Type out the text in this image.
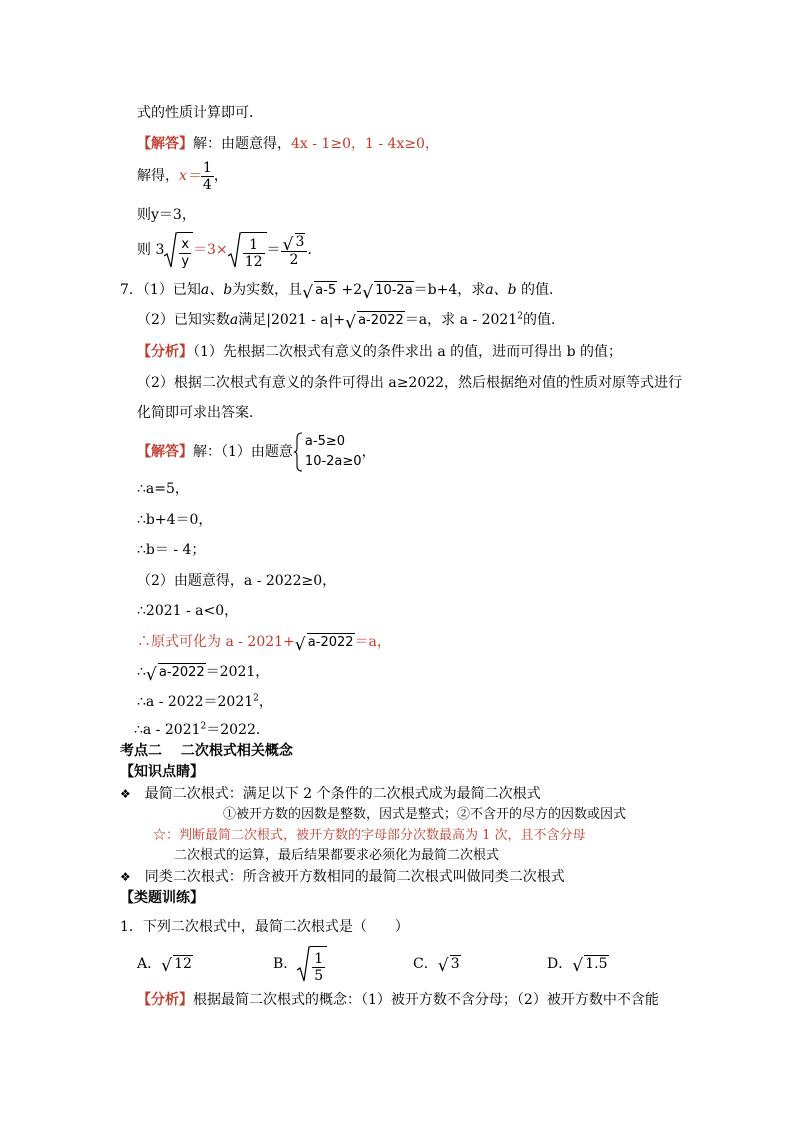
式的性质计算即可．
【解答】解：由题意得，4x - 1≥0，1 - 4x≥0，
解得，$x= \frac{1}{4}$ ，
则y＝3，
则 $3 \frac{x}{y} =3\times \frac{1}{12}$ ＝ √ $\frac{3}{2}$ ．
7．（1）已知a、b为实数，且 √ a-5 +2 √ 10-2a＝b+4，求a、b 的值．
（2）已知实数a满足|2021 - a|+ √ a-2022＝a，求 a - 2021$^2$的值．
【分析】（1）先根据二次根式有意义的条件求出 a 的值，进而可得出 b 的值；
（2）根据二次根式有意义的条件可得出 a≥2022，然后根据绝对值的性质对原等式进行
化简即可求出答案．
【解答】解：（1）由题意
a-5≥0
10-2a≥0
，
∴a=5，
∴b+4＝0，
∴b＝ - 4；
（2）由题意得，a - 2022≥0，
∴2021 - a<0，
∴原式可化为 a - 2021+ √ a-2022＝a，
∴ √ a-2022＝2021，
∴a - $2022=2021^2$，
∴a - $2021^2=2022$．
考点二　 二次根式相关概念
【知识点睛】
❖ 最简二次根式：满足以下 2 个条件的二次根式成为最简二次根式
①被开方数的因数是整数，因式是整式；②不含开的尽方的因数或因式
☆：判断最简二次根式，被开方数的字母部分次数最高为 1 次，且不含分母
二次根式的运算，最后结果都要求必须化为最简二次根式
❖ 同类二次根式：所含被开方数相同的最简二次根式叫做同类二次根式
【类题训练】
1．下列二次根式中，最简二次根式是（　　）
A． √ 12	B． $\frac{1}{5}$	C． √ 3	D． √ 1.5
【分析】根据最简二次根式的概念：（1）被开方数不含分母；（2）被开方数中不含能
